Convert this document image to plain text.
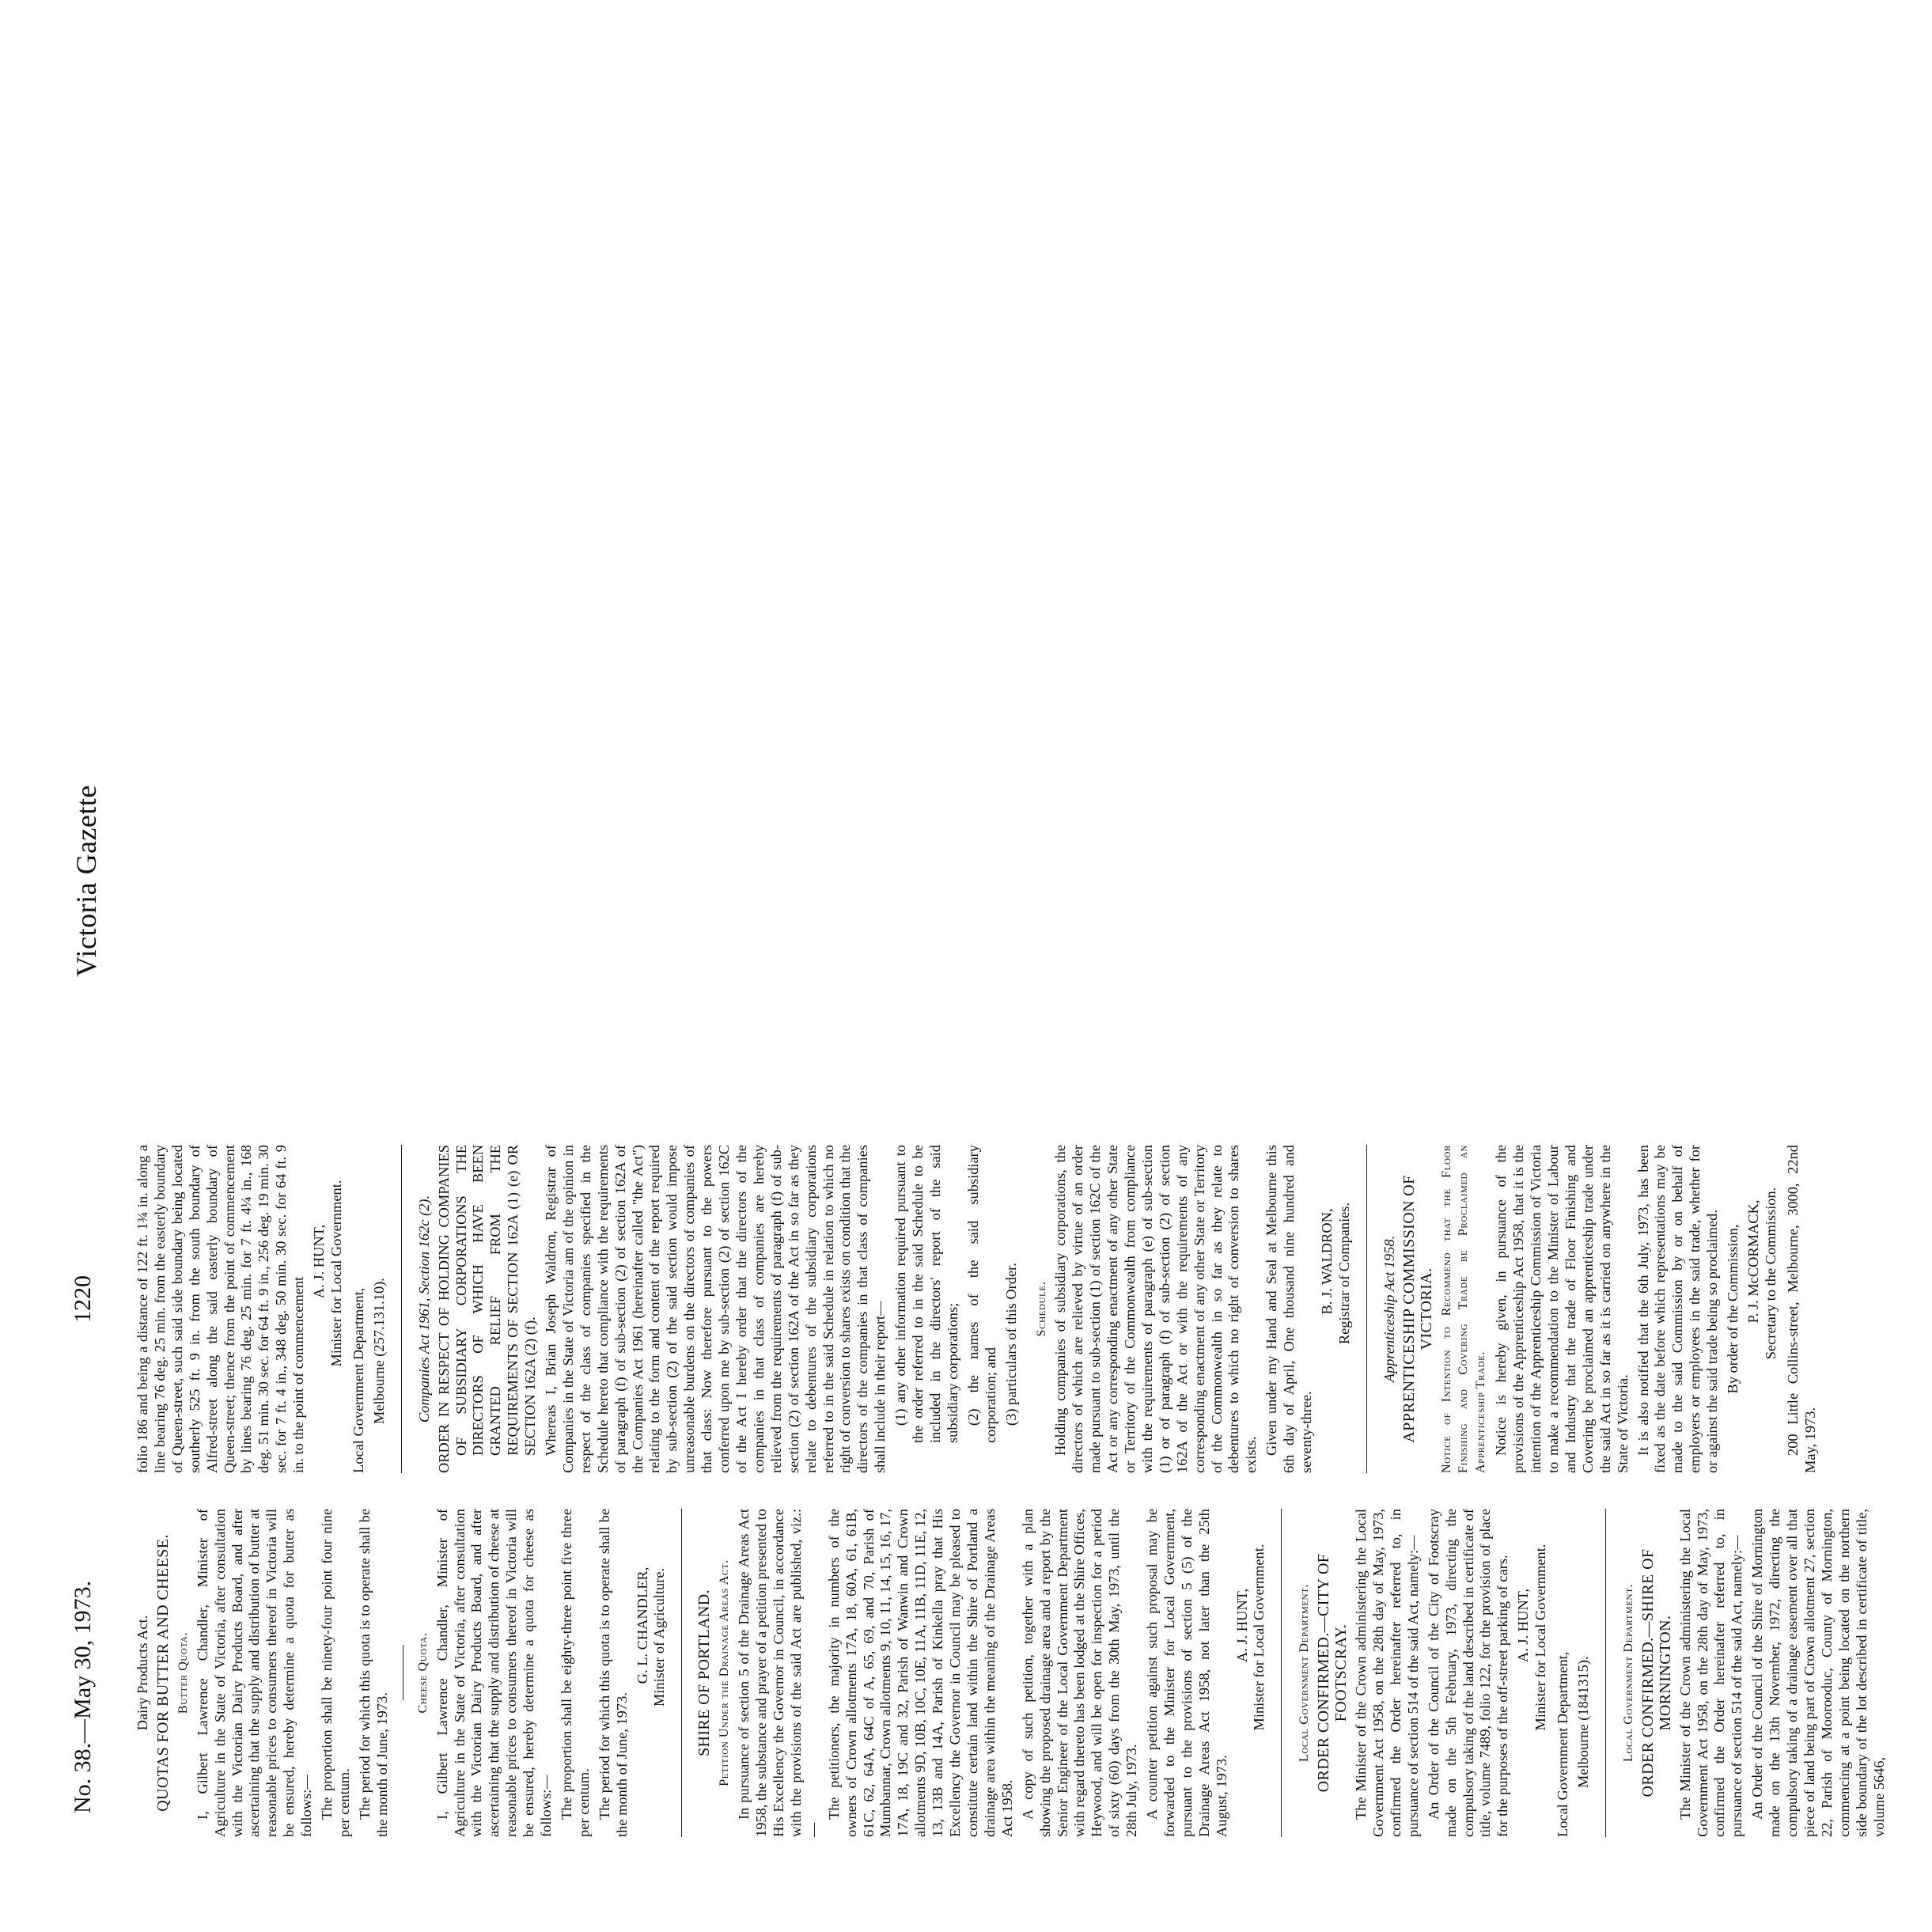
No. 38.—May 30, 1973.
1220
Victoria Gazette

Dairy Products Act. QUOTAS FOR BUTTER AND CHEESE. Butter Quota. I, Gilbert Lawrence Chandler, Minister of Agriculture in the State of Victoria, after consultation with the Victorian Dairy Products Board, and after ascertaining that the supply and distribution of butter at reasonable prices to consumers thereof in Victoria will be ensured, hereby determine a quota for butter as follows:— The proportion shall be ninety-four point four nine per centum. The period for which this quota is to operate shall be the month of June, 1973.

Cheese Quota. I, Gilbert Lawrence Chandler, Minister of Agriculture in the State of Victoria, after consultation with the Victorian Dairy Products Board, and after ascertaining that the supply and distribution of cheese at reasonable prices to consumers thereof in Victoria will be ensured, hereby determine a quota for cheese as follows:— The proportion shall be eighty-three point five three per centum. The period for which this quota is to operate shall be the month of June, 1973.

G. L. CHANDLER, Minister of Agriculture. SHIRE OF PORTLAND. Petition Under the Drainage Areas Act. In pursuance of section 5 of the Drainage Areas Act 1958, the substance and prayer of a petition presented to His Excellency the Governor in Council, in accordance with the provisions of the said Act are published, viz.:—

The petitioners, the majority in numbers of the owners of Crown allotments 17A, 18, 60A, 61, 61B, 61C, 62, 64A, 64C of A, 65, 69, and 70, Parish of Mumbannar, Crown allotments 9, 10, 11, 14, 15, 16, 17, 17A, 18, 19C and 32, Parish of Wanwin and Crown allotments 9D, 10B, 10C, 10E, 11A, 11B, 11D, 11E, 12, 13, 13B and 14A, Parish of Kinkella pray that His Excellency the Governor in Council may be pleased to constitute certain land within the Shire of Portland a drainage area within the meaning of the Drainage Areas Act 1958. A copy of such petition, together with a plan showing the proposed drainage area and a report by the Senior Engineer of the Local Government Department with regard thereto has been lodged at the Shire Offices, Heywood, and will be open for inspection for a period of sixty (60) days from the 30th May, 1973, until the 28th July, 1973. A counter petition against such proposal may be forwarded to the Minister for Local Government, pursuant to the provisions of section 5 (5) of the Drainage Areas Act 1958, not later than the 25th August, 1973.

A. J. HUNT, Minister for Local Government. Local Government Department. ORDER CONFIRMED.—CITY OF FOOTSCRAY. The Minister of the Crown administering the Local Government Act 1958, on the 28th day of May, 1973, confirmed the Order hereinafter referred to, in pursuance of section 514 of the said Act, namely:— An Order of the Council of the City of Footscray made on the 5th February, 1973, directing the compulsory taking of the land described in certificate of title, volume 7489, folio 122, for the provision of place for the purposes of the off-street parking of cars. A. J. HUNT, Minister for Local Government.

Local Government Department, Melbourne (1841315). Local Government Department. ORDER CONFIRMED.—SHIRE OF MORNINGTON. The Minister of the Crown administering the Local Government Act 1958, on the 28th day of May, 1973, confirmed the Order hereinafter referred to, in pursuance of section 514 of the said Act, namely:— An Order of the Council of the Shire of Mornington made on the 13th November, 1972, directing the compulsory taking of a drainage easement over all that piece of land being part of Crown allotment 27, section 22, Parish of Moorooduc, County of Mornington, commencing at a point being located on the northern side boundary of the lot described in certificate of title, volume 5646,

folio 186 and being a distance of 122 ft. 1¾ in. along a line bearing 76 deg. 25 min. from the easterly boundary of Queen-street, such said side boundary being located southerly 525 ft. 9 in. from the south boundary of Alfred-street along the said easterly boundary of Queen-street; thence from the point of commencement by lines bearing 76 deg. 25 min. for 7 ft. 4¼ in., 168 deg. 51 min. 30 sec. for 64 ft. 9 in., 256 deg. 19 min. 30 sec. for 7 ft. 4 in., 348 deg. 50 min. 30 sec. for 64 ft. 9 in. to the point of commencement

A. J. HUNT, Minister for Local Government.

Local Government Department, Melbourne (257.131.10). Companies Act 1961, Section 162c (2). ORDER IN RESPECT OF HOLDING COMPANIES OF SUBSIDIARY CORPORATIONS THE DIRECTORS OF WHICH HAVE BEEN GRANTED RELIEF FROM THE REQUIREMENTS OF SECTION 162A (1) (e) OR SECTION 162A (2) (f). Whereas I, Brian Joseph Waldron, Registrar of Companies in the State of Victoria am of the opinion in respect of the class of companies specified in the Schedule hereto that compliance with the requirements of paragraph (f) of sub-section (2) of section 162A of the Companies Act 1961 (hereinafter called "the Act") relating to the form and content of the report required by sub-section (2) of the said section would impose unreasonable burdens on the directors of companies of that class: Now therefore pursuant to the powers conferred upon me by sub-section (2) of section 162C of the Act I hereby order that the directors of the companies in that class of companies are hereby relieved from the requirements of paragraph (f) of sub-section (2) of section 162A of the Act in so far as they relate to debentures of the subsidiary corporations referred to in the said Schedule in relation to which no right of conversion to shares exists on condition that the directors of the companies in that class of companies shall include in their report— (1) any other information required pursuant to the order referred to in the said Schedule to be included in the directors' report of the said subsidiary corporations; (2) the names of the said subsidiary corporation; and (3) particulars of this Order. Schedule. Holding companies of subsidiary corporations, the directors of which are relieved by virtue of an order made pursuant to sub-section (1) of section 162C of the Act or any corresponding enactment of any other State or Territory of the Commonwealth from compliance with the requirements of paragraph (e) of sub-section (1) or of paragraph (f) of sub-section (2) of section 162A of the Act or with the requirements of any corresponding enactment of any other State or Territory of the Commonwealth in so far as they relate to debentures to which no right of conversion to shares exists. Given under my Hand and Seal at Melbourne this 6th day of April, One thousand nine hundred and seventy-three.

B. J. WALDRON, Registrar of Companies. Apprenticeship Act 1958. APPRENTICESHIP COMMISSION OF VICTORIA. Notice of Intention to Recommend that the Floor Finishing and Covering Trade be Proclaimed an Apprenticeship Trade. Notice is hereby given, in pursuance of the provisions of the Apprenticeship Act 1958, that it is the intention of the Apprenticeship Commission of Victoria to make a recommendation to the Minister of Labour and Industry that the trade of Floor Finishing and Covering be proclaimed an apprenticeship trade under the said Act in so far as it is carried on anywhere in the State of Victoria. It is also notified that the 6th July, 1973, has been fixed as the date before which representations may be made to the said Commission by or on behalf of employers or employees in the said trade, whether for or against the said trade being so proclaimed. By order of the Commission, P. J. McCORMACK, Secretary to the Commission. 200 Little Collins-street, Melbourne, 3000, 22nd May, 1973.
